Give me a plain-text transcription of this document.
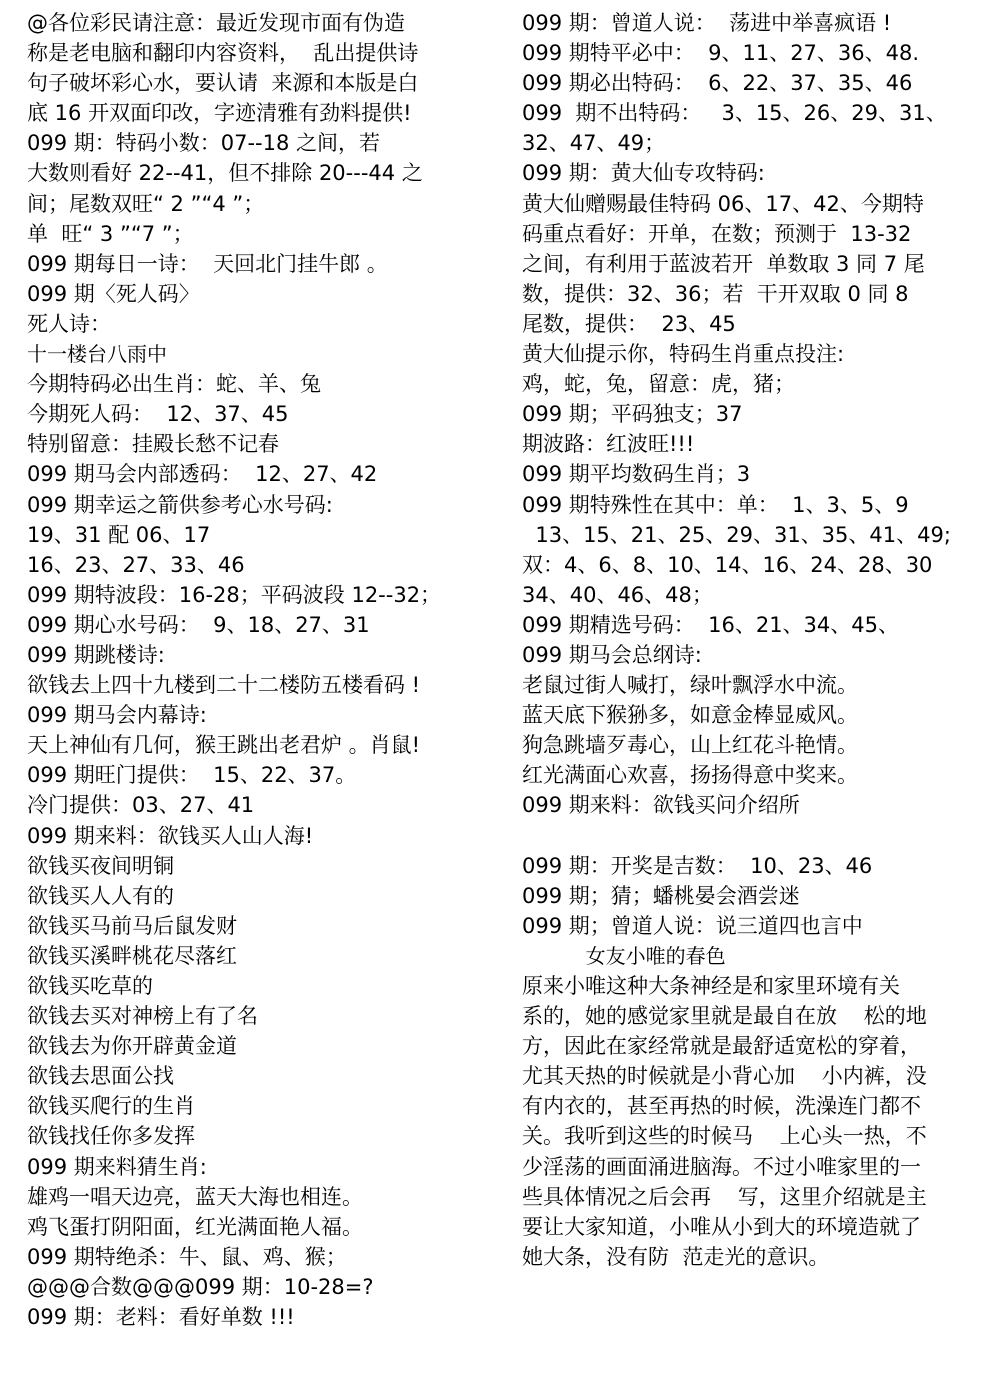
@各位彩民请注意：最近发现市面有伪造
称是老电脑和翻印内容资料，  乱出提供诗
句子破坏彩心水，要认请  来源和本版是白
底 16 开双面印改，字迹清雅有劲料提供!
099 期：特码小数：07--18 之间，若
大数则看好 22--41，但不排除 20---44 之
间；尾数双旺“ 2 ”“4 ”；
单  旺“ 3 ”“7 ”；
099 期每日一诗：  天回北门挂牛郎 。
099 期〈死人码〉
死人诗：
十一楼台八雨中
今期特码必出生肖：蛇、羊、兔
今期死人码：  12、37、45
特别留意：挂殿长愁不记春
099 期马会内部透码：  12、27、42
099 期幸运之箭供参考心水号码:
19、31 配 06、17
16、23、27、33、46
099 期特波段：16-28；平码波段 12--32；
099 期心水号码：  9、18、27、31
099 期跳楼诗:
欲钱去上四十九楼到二十二楼防五楼看码 !
099 期马会内幕诗:
天上神仙有几何，猴王跳出老君炉 。肖鼠!
099 期旺门提供：  15、22、37。
冷门提供：03、27、41
099 期来料：欲钱买人山人海!
欲钱买夜间明铜
欲钱买人人有的
欲钱买马前马后鼠发财
欲钱买溪畔桃花尽落红
欲钱买吃草的
欲钱去买对神榜上有了名
欲钱去为你开辟黄金道
欲钱去思面公找
欲钱买爬行的生肖
欲钱找任你多发挥
099 期来料猜生肖:
雄鸡一唱天边亮，蓝天大海也相连。
鸡飞蛋打阴阳面，红光满面艳人福。
099 期特绝杀：牛、鼠、鸡、猴；
@@@合数@@@099 期：10-28=?
099 期：老料：看好单数 !!!
099 期：曾道人说：  荡进中举喜疯语 !
099 期特平必中：  9、11、27、36、48.
099 期必出特码：  6、22、37、35、46
099  期不出特码：   3、15、26、29、31、
32、47、49；
099 期：黄大仙专攻特码:
黄大仙赠赐最佳特码 06、17、42、今期特
码重点看好：开单，在数；预测于  13-32
之间，有利用于蓝波若开  单数取 3 同 7 尾
数，提供：32、36；若  干开双取 0 同 8
尾数，提供：  23、45
黄大仙提示你，特码生肖重点投注:
鸡，蛇，兔，留意：虎，猪；
099 期；平码独支；37
期波路：红波旺!!!
099 期平均数码生肖；3
099 期特殊性在其中：单：  1、3、5、9
13、15、21、25、29、31、35、41、49;
双：4、6、8、10、14、16、24、28、30
34、40、46、48；
099 期精选号码：  16、21、34、45、
099 期马会总纲诗:
老鼠过街人喊打，绿叶飘浮水中流。
蓝天底下猴狲多，如意金棒显威风。
狗急跳墙歹毒心，山上红花斗艳情。
红光满面心欢喜，扬扬得意中奖来。
099 期来料：欲钱买问介绍所
099 期：开奖是吉数：  10、23、46
099 期；猜；蟠桃晏会酒尝迷
099 期；曾道人说：说三道四也言中
女友小唯的春色
原来小唯这种大条神经是和家里环境有关
系的，她的感觉家里就是最自在放    松的地
方，因此在家经常就是最舒适宽松的穿着，
尤其天热的时候就是小背心加    小内裤，没
有内衣的，甚至再热的时候，洗澡连门都不
关。我听到这些的时候马    上心头一热，不
少淫荡的画面涌进脑海。不过小唯家里的一
些具体情况之后会再    写，这里介绍就是主
要让大家知道，小唯从小到大的环境造就了
她大条，没有防  范走光的意识。
